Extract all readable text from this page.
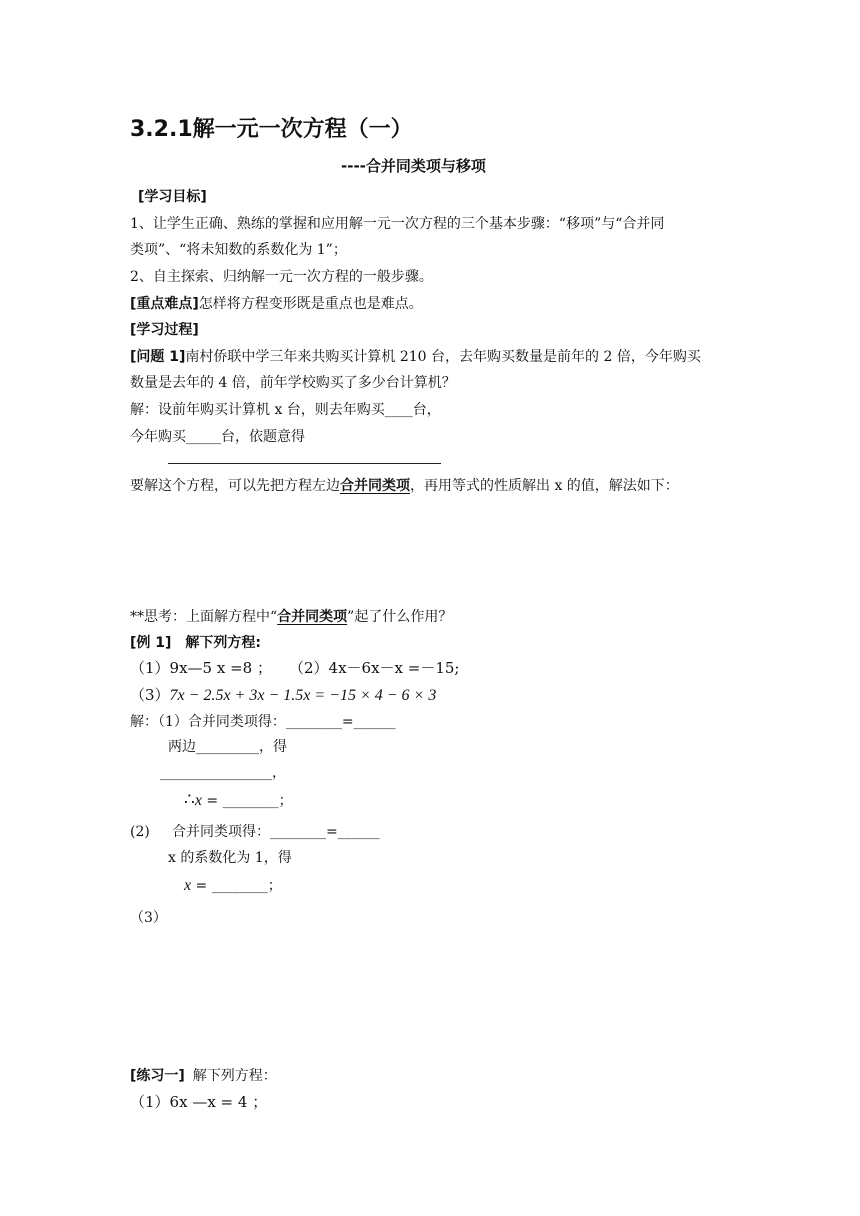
3.2.1解一元一次方程（一）
----合并同类项与移项
[学习目标]
1、让学生正确、熟练的掌握和应用解一元一次方程的三个基本步骤：“移项”与“合并同
类项”、“将未知数的系数化为 1”；
2、自主探索、归纳解一元一次方程的一般步骤。
[重点难点]怎样将方程变形既是重点也是难点。
[学习过程]
[问题 1]南村侨联中学三年来共购买计算机 210 台，去年购买数量是前年的 2 倍，今年购买
数量是去年的 4 倍，前年学校购买了多少台计算机？
解：设前年购买计算机 x 台，则去年购买____台，
今年购买_____台，依题意得
要解这个方程，可以先把方程左边合并同类项，再用等式的性质解出 x 的值，解法如下：
**思考：上面解方程中“合并同类项”起了什么作用？
[例 1] 解下列方程:
（1）9x—5 x =8 ； （2）4x－6x－x =－15;
（3）7x − 2.5x + 3x − 1.5x = −15 × 4 − 6 × 3
解：（1）合并同类项得：________=______
两边_________，得
________________，
∴x = ________；
(2) 合并同类项得：________=______
x 的系数化为 1，得
x = ________；
（3）
[练习一] 解下列方程：
（1）6x —x = 4 ；
